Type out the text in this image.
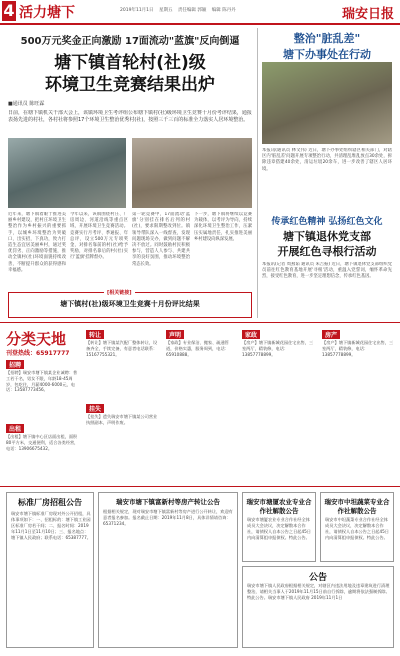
4 活力塘下	2019年11月1日 星期五 责任编辑 郭颖 编辑 陈丹丹	瑞安日报
500万元奖金正向激励 17面流动"蓝旗"反向倒逼
塘下镇首轮村(社)级
环境卫生竞赛结果出炉
■通讯员 陈旺霖
日前，在塘下镇机关干部大会上，该镇环境卫生考评组公布塘下镇村(社)级环境卫生竞赛十月份考评结果，通报表扬先进的村社，各村社将参照17个环境卫生整治优秀村(社)，按照三千三百的标准全力落实人居环境整治。
近年来，塘下镇着眼于推进美丽乡村建设，把村庄环境卫生整治作为乡村振兴的重要抓手，以城乡环境整治为突破口，出实招，下真功，致力打造生态宜居美丽乡村，通过奖优罚劣、正向激励等措施，推动全镇村(社)环境面貌持续改善，不断提升群众的获得感和幸福感。
今年以来，该镇围绕村庄、厂房周边、河道沿线等重点区域，开展环境卫生竞赛活动。竞赛实行月考评、季通报、年总评，设立500万元专项奖金，对排名靠前的村(社)给予奖励，对排名靠后的村(社)实行'蓝旗'挂牌督办。
第一轮竞赛中，17面流动'蓝旗'分别挂在排名后列的村(社)，要求限期整改到位。镇领导带队深入一线督查，发现问题现场交办，做到问题不解决不放过。同时鼓励村民积极参与，营造人人参与、共建共享的良好氛围，推动环境整治常态长效。
下一步，塘下镇将继续以竞赛为载体，以考评为导向，持续深化环境卫生整治工作，压紧压实属地责任，扎实推进美丽乡村建设向纵深发展。
[相关链接]
塘下镇村(社)级环境卫生竞赛十月份评比结果
整治"脏乱差"
塘下办事处在行动
本报讯(通讯员 林文伟) 近日，塘下办事处组织辖区相关部门，对辖区内'脏乱差'问题开展专项整治行动，共清理乱堆乱放点30余处，拆除违章搭建40余处，清运垃圾20余车，进一步改善了辖区人居环境。
传承红色精神 弘扬红色文化
塘下镇退休党支部
开展红色寻根行活动
本报讯(记者 周燕茹 通讯员 朱吉振) 近日，塘下镇退休党支部组织党员前往红色教育基地开展'寻根'活动，重温入党誓词，缅怀革命先烈，接受红色教育，进一步坚定理想信念，传承红色基因。
分类天地
刊登热线：65917777
招聘
【招聘】瑞安市塘下镇某企业诚聘：普工若干名，男女不限，年龄18-45周岁，包吃住，月薪4000-6000元，电话：13587773456。
出租
【出租】塘下镇中心区店面出租，面积80平方米，交通便利，适合各类经营，电话：13906675432。
转让
【转让】塘下镇某汽配厂整体转让，设备齐全，手续完备，有意者电话联系：15167755321。
挂失
【挂失】遗失瑞安市塘下镇某公司营业执照副本，声明作废。
声明
【家政】专业保洁、搬家、疏通管道，价格实惠，服务周到，电话：65910888。
家政
【房产】塘下镇新城花园住宅出售，三室两厅，精装修，电话：13857778899。
房产
【房产】塘下镇新城花园住宅出售，三室两厅，精装修，电话：13857778899。
标准厂房招租公告
瑞安市塘下镇标准厂房现对外公开招租，具体事项如下：一、招租标的：塘下镇工业园区标准厂房若干间；二、报名时间：2019年11月1日至11月10日；三、报名地点：塘下镇人民政府；联系电话：65387777。
瑞安市塘下镇富新村等房产转让公告
根据相关规定，现对瑞安市塘下镇富新村等房产进行公开转让，欢迎有意者报名参加。报名截止日期：2019年11月8日，具体详情请咨询：65371234。
瑞安市塘厦农业专业合作社解散公告
瑞安市塘厦农业专业合作社经全体成员大会决议，决定解散本合作社，请债权人自本公告之日起45日内向清算组申报债权。特此公告。
瑞安市中坦蔬菜专业合作社解散公告
瑞安市中坦蔬菜专业合作社经全体成员大会决议，决定解散本合作社，请债权人自本公告之日起45日内向清算组申报债权。特此公告。
公告
瑞安市塘下镇人民政府根据相关规定，对辖区内违法用地及违章建筑进行清理整治，请相关当事人于2019年11月15日前自行拆除，逾期将依法强制拆除。特此公告。瑞安市塘下镇人民政府 2019年11月1日
